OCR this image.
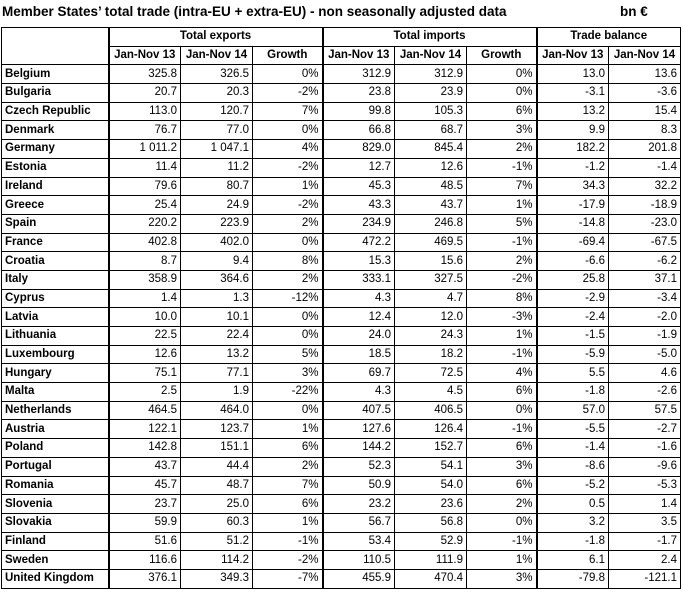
Member States’ total trade (intra-EU + extra-EU) - non seasonally adjusted data	bn €
	Total exports			Total imports			Trade balance	
	Jan-Nov 13	Jan-Nov 14	Growth	Jan-Nov 13	Jan-Nov 14	Growth	Jan-Nov 13	Jan-Nov 14
Belgium	325.8	326.5	0%	312.9	312.9	0%	13.0	13.6
Bulgaria	20.7	20.3	-2%	23.8	23.9	0%	-3.1	-3.6
Czech Republic	113.0	120.7	7%	99.8	105.3	6%	13.2	15.4
Denmark	76.7	77.0	0%	66.8	68.7	3%	9.9	8.3
Germany	1 011.2	1 047.1	4%	829.0	845.4	2%	182.2	201.8
Estonia	11.4	11.2	-2%	12.7	12.6	-1%	-1.2	-1.4
Ireland	79.6	80.7	1%	45.3	48.5	7%	34.3	32.2
Greece	25.4	24.9	-2%	43.3	43.7	1%	-17.9	-18.9
Spain	220.2	223.9	2%	234.9	246.8	5%	-14.8	-23.0
France	402.8	402.0	0%	472.2	469.5	-1%	-69.4	-67.5
Croatia	8.7	9.4	8%	15.3	15.6	2%	-6.6	-6.2
Italy	358.9	364.6	2%	333.1	327.5	-2%	25.8	37.1
Cyprus	1.4	1.3	-12%	4.3	4.7	8%	-2.9	-3.4
Latvia	10.0	10.1	0%	12.4	12.0	-3%	-2.4	-2.0
Lithuania	22.5	22.4	0%	24.0	24.3	1%	-1.5	-1.9
Luxembourg	12.6	13.2	5%	18.5	18.2	-1%	-5.9	-5.0
Hungary	75.1	77.1	3%	69.7	72.5	4%	5.5	4.6
Malta	2.5	1.9	-22%	4.3	4.5	6%	-1.8	-2.6
Netherlands	464.5	464.0	0%	407.5	406.5	0%	57.0	57.5
Austria	122.1	123.7	1%	127.6	126.4	-1%	-5.5	-2.7
Poland	142.8	151.1	6%	144.2	152.7	6%	-1.4	-1.6
Portugal	43.7	44.4	2%	52.3	54.1	3%	-8.6	-9.6
Romania	45.7	48.7	7%	50.9	54.0	6%	-5.2	-5.3
Slovenia	23.7	25.0	6%	23.2	23.6	2%	0.5	1.4
Slovakia	59.9	60.3	1%	56.7	56.8	0%	3.2	3.5
Finland	51.6	51.2	-1%	53.4	52.9	-1%	-1.8	-1.7
Sweden	116.6	114.2	-2%	110.5	111.9	1%	6.1	2.4
United Kingdom	376.1	349.3	-7%	455.9	470.4	3%	-79.8	-121.1
